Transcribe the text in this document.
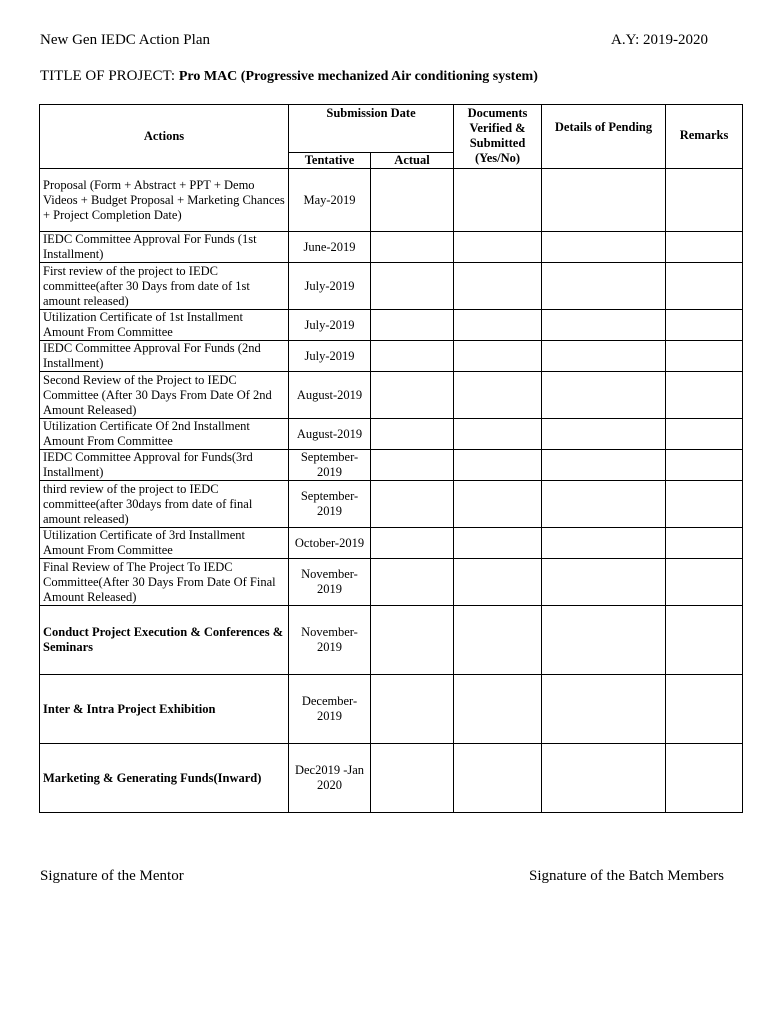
New Gen IEDC Action Plan	A.Y: 2019-2020
TITLE OF PROJECT: Pro MAC (Progressive mechanized Air conditioning system)
Actions	Submission Date		Documents Verified & Submitted (Yes/No)	Details of Pending	Remarks
	Tentative	Actual			
Proposal (Form + Abstract + PPT + Demo Videos + Budget Proposal + Marketing Chances + Project Completion Date)	May-2019				
IEDC Committee Approval For Funds (1st Installment)	June-2019				
First review of the project to IEDC committee(after 30 Days from date of 1st amount released)	July-2019				
Utilization Certificate of 1st Installment Amount From Committee	July-2019				
IEDC Committee Approval For Funds (2nd Installment)	July-2019				
Second Review of the Project to IEDC Committee (After 30 Days From Date Of 2nd Amount Released)	August-2019				
Utilization Certificate Of 2nd Installment Amount From Committee	August-2019				
IEDC Committee Approval for Funds(3rd Installment)	September-2019				
third review of the project to IEDC committee(after 30days from date of final amount released)	September-2019				
Utilization Certificate of 3rd Installment Amount From Committee	October-2019				
Final Review of The Project To IEDC Committee(After 30 Days From Date Of Final Amount Released)	November-2019				
Conduct Project Execution & Conferences & Seminars	November-2019				
Inter & Intra Project Exhibition	December-2019				
Marketing & Generating Funds(Inward)	Dec2019 -Jan 2020				
Signature of the Mentor	Signature of the Batch Members
